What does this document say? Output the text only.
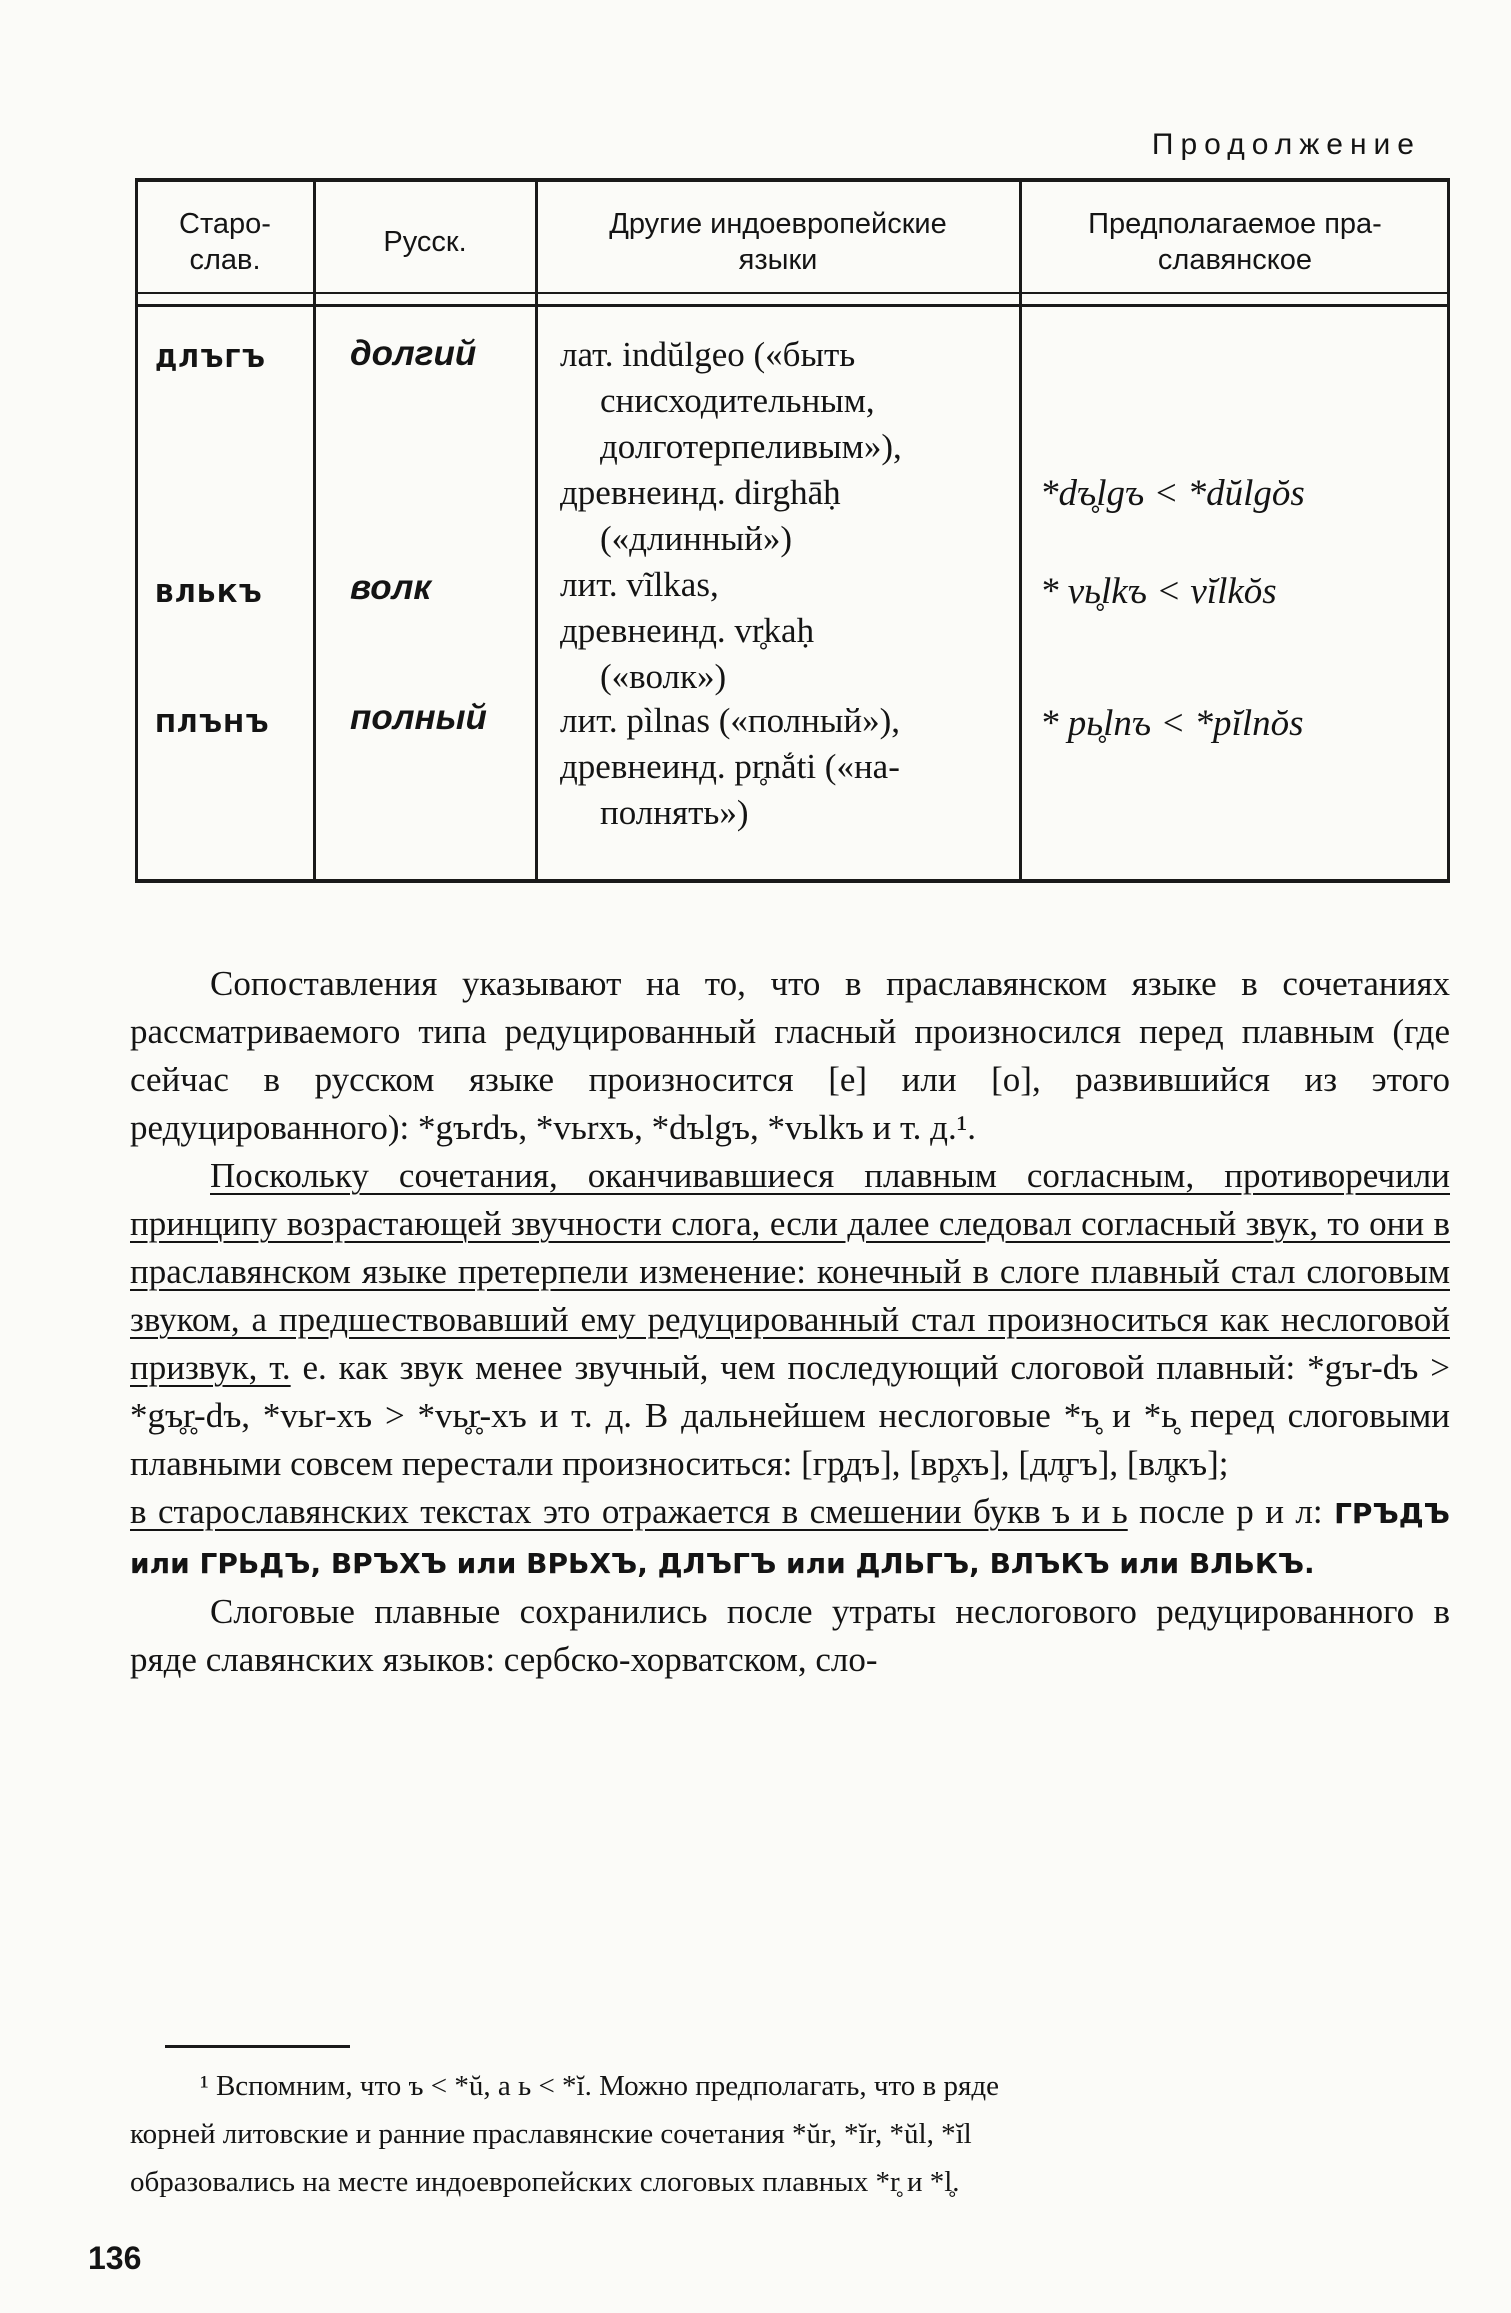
Продолжение
Старо-
слав.
Русск.
Другие индоевропейские
языки
Предполагаемое пра-
славянское
ДЛЪГЪ долгий лат. indŭlgeo («быть
снисходительным,
долготерпеливым»),
древнеинд. dirghāḥ
(«длинный»)
*dъ̥lgъ < *dŭlgŏs
ВЛЬКЪ волк	лит. vĩlkas,
древнеинд. vr̥kaḥ
(«волк»)
* vь̥lkъ < vĭlkŏs
ПЛЪНЪ полный лит. pìlnas («полный»),
древнеинд. pr̥nắti («на-
полнять»)
* pь̥lnъ < *pĭlnŏs

Сопоставления указывают на то, что в праславянском языке в сочетаниях рассматриваемого типа редуцированный гласный произносился перед плавным (где сейчас в русском языке произносится [е] или [о], развившийся из этого редуцированного): *gъrdъ, *vьrxъ, *dъlgъ, *vьlkъ и т. д.¹.

Поскольку сочетания, оканчивавшиеся плавным согласным, противоречили принципу возрастающей звучности слога, если далее следовал согласный звук, то они в праславянском языке претерпели изменение: конечный в слоге плавный стал слоговым звуком, а предшествовавший ему редуцированный стал произноситься как неслоговой призвук, т. е. как звук менее звучный, чем последующий слоговой плавный: *gъr-dъ > *gъ̥r̥-dъ, *vьr-xъ > *vь̥r̥-xъ и т. д. В дальнейшем неслоговые *ъ̥ и *ь̥ перед слоговыми плавными совсем перестали произноситься: [гр̥дъ], [вр̥хъ], [дл̥гъ], [вл̥къ];

в старославянских текстах это отражается в смешении букв ъ и ь после р и л: ГРЪДЪ или ГРЬДЪ, ВРЪХЪ или ВРЬХЪ, ДЛЪГЪ или ДЛЬГЪ, ВЛЪКЪ или ВЛЬКЪ.

Слоговые плавные сохранились после утраты неслогового редуцированного в ряде славянских языков: сербско-хорватском, сло-

¹ Вспомним, что ъ < *ŭ, а ь < *ĭ. Можно предполагать, что в ряде
корней литовские и ранние праславянские сочетания *ŭr, *ĭr, *ŭl, *ĭl
образовались на месте индоевропейских слоговых плавных *r̥ и *l̥.
136
